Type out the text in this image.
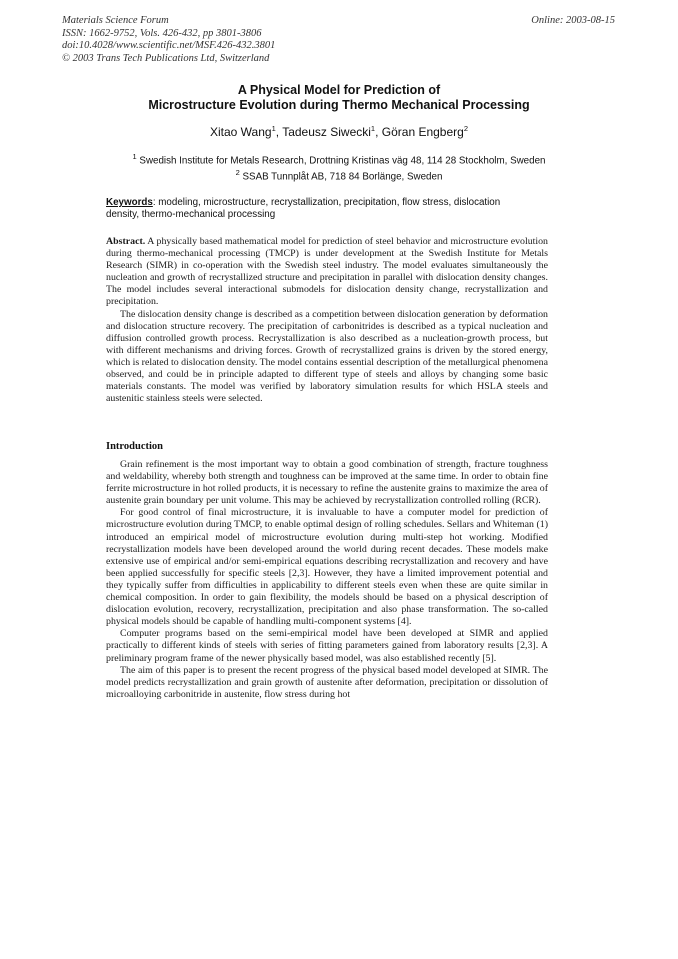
Materials Science Forum
ISSN: 1662-9752, Vols. 426-432, pp 3801-3806
doi:10.4028/www.scientific.net/MSF.426-432.3801
© 2003 Trans Tech Publications Ltd, Switzerland
Online: 2003-08-15
A Physical Model for Prediction of
Microstructure Evolution during Thermo Mechanical Processing
Xitao Wang$^1$, Tadeusz Siwecki$^1$, Göran Engberg$^2$
$^1$ Swedish Institute for Metals Research, Drottning Kristinas väg 48, 114 28 Stockholm, Sweden
$^2$ SSAB Tunnplåt AB, 718 84 Borlänge, Sweden
Keywords: modeling, microstructure, recrystallization, precipitation, flow stress, dislocation density, thermo-mechanical processing

Abstract. A physically based mathematical model for prediction of steel behavior and microstructure evolution during thermo-mechanical processing (TMCP) is under development at the Swedish Institute for Metals Research (SIMR) in co-operation with the Swedish steel industry. The model evaluates simultaneously the nucleation and growth of recrystallized structure and precipitation in parallel with dislocation density changes. The model includes several interactional submodels for dislocation density change, recrystallization and precipitation.

The dislocation density change is described as a competition between dislocation generation by deformation and dislocation structure recovery. The precipitation of carbonitrides is described as a typical nucleation and diffusion controlled growth process. Recrystallization is also described as a nucleation-growth process, but with different mechanisms and driving forces. Growth of recrystallized grains is driven by the stored energy, which is related to dislocation density. The model contains essential description of the metallurgical phenomena observed, and could be in principle adapted to different type of steels and alloys by changing some basic materials constants. The model was verified by laboratory simulation results for which HSLA steels and austenitic stainless steels were selected.

Introduction

Grain refinement is the most important way to obtain a good combination of strength, fracture toughness and weldability, whereby both strength and toughness can be improved at the same time. In order to obtain fine ferrite microstructure in hot rolled products, it is necessary to refine the austenite grains to maximize the area of austenite grain boundary per unit volume. This may be achieved by recrystallization controlled rolling (RCR).

For good control of final microstructure, it is invaluable to have a computer model for prediction of microstructure evolution during TMCP, to enable optimal design of rolling schedules. Sellars and Whiteman (1) introduced an empirical model of microstructure evolution during multi-step hot working. Modified recrystallization models have been developed around the world during recent decades. These models make extensive use of empirical and/or semi-empirical equations describing recrystallization and recovery and have been applied successfully for specific steels [2,3]. However, they have a limited improvement potential and they typically suffer from difficulties in applicability to different steels even when these are quite similar in chemical composition. In order to gain flexibility, the models should be based on a physical description of dislocation evolution, recovery, recrystallization, precipitation and also phase transformation. The so-called physical models should be capable of handling multi-component systems [4].

Computer programs based on the semi-empirical model have been developed at SIMR and applied practically to different kinds of steels with series of fitting parameters gained from laboratory results [2,3]. A preliminary program frame of the newer physically based model, was also established recently [5].

The aim of this paper is to present the recent progress of the physical based model developed at SIMR. The model predicts recrystallization and grain growth of austenite after deformation, precipitation or dissolution of microalloying carbonitride in austenite, flow stress during hot
